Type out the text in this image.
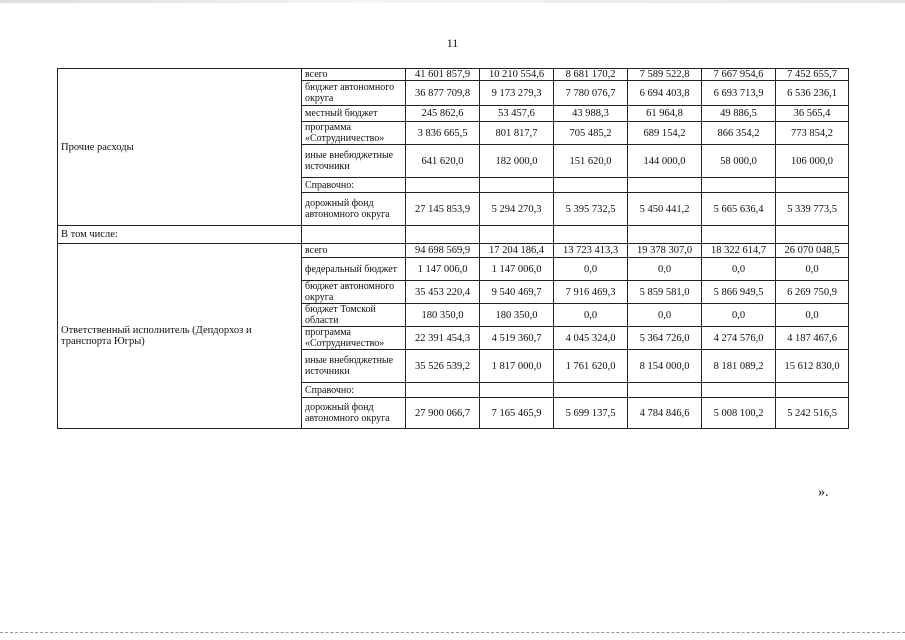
11
Прочие расходы	всего	41 601 857,9	10 210 554,6	8 681 170,2	7 589 522,8	7 667 954,6	7 452 655,7
	бюджет автономного округа	36 877 709,8	9 173 279,3	7 780 076,7	6 694 403,8	6 693 713,9	6 536 236,1
	местный бюджет	245 862,6	53 457,6	43 988,3	61 964,8	49 886,5	36 565,4
	программа «Сотрудничество»	3 836 665,5	801 817,7	705 485,2	689 154,2	866 354,2	773 854,2
	иные внебюджетные источники	641 620,0	182 000,0	151 620,0	144 000,0	58 000,0	106 000,0
	Справочно:						
	дорожный фонд автономного округа	27 145 853,9	5 294 270,3	5 395 732,5	5 450 441,2	5 665 636,4	5 339 773,5
В том числе:							
Ответственный исполнитель (Депдорхоз и транспорта Югры)	всего	94 698 569,9	17 204 186,4	13 723 413,3	19 378 307,0	18 322 614,7	26 070 048,5
	федеральный бюджет	1 147 006,0	1 147 006,0	0,0	0,0	0,0	0,0
	бюджет автономного округа	35 453 220,4	9 540 469,7	7 916 469,3	5 859 581,0	5 866 949,5	6 269 750,9
	бюджет Томской области	180 350,0	180 350,0	0,0	0,0	0,0	0,0
	программа «Сотрудничество»	22 391 454,3	4 519 360,7	4 045 324,0	5 364 726,0	4 274 576,0	4 187 467,6
	иные внебюджетные источники	35 526 539,2	1 817 000,0	1 761 620,0	8 154 000,0	8 181 089,2	15 612 830,0
	Справочно:						
	дорожный фонд автономного округа	27 900 066,7	7 165 465,9	5 699 137,5	4 784 846,6	5 008 100,2	5 242 516,5
».
